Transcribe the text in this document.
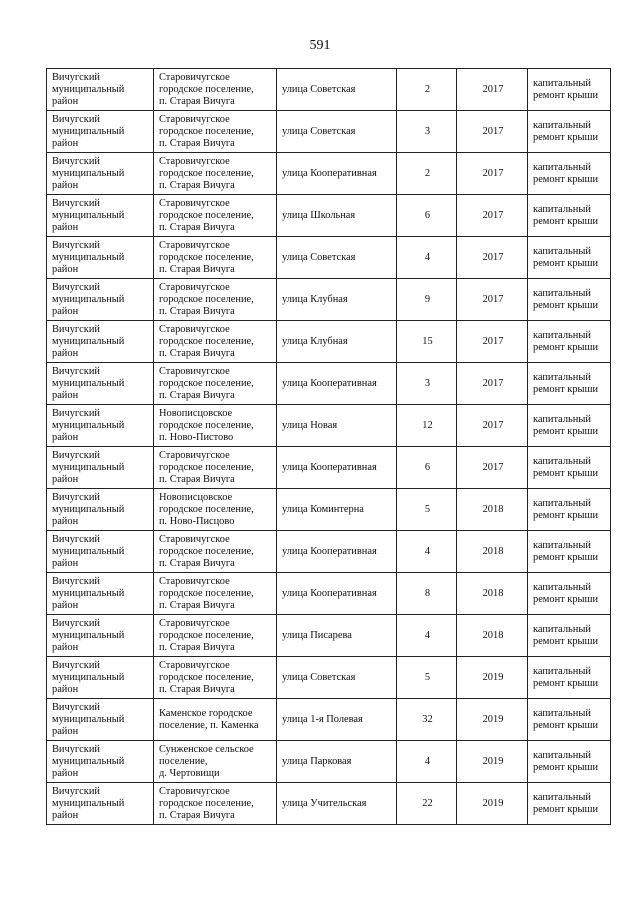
591
Вичугский
муниципальный
район	Старовичугское
городское поселение,
п. Старая Вичуга	улица Советская	2	2017	капитальный
ремонт крыши

Вичугский
муниципальный
район	Старовичугское
городское поселение,
п. Старая Вичуга	улица Советская	3	2017	капитальный
ремонт крыши

Вичугский
муниципальный
район	Старовичугское
городское поселение,
п. Старая Вичуга	улица Кооперативная	2	2017	капитальный
ремонт крыши

Вичугский
муниципальный
район	Старовичугское
городское поселение,
п. Старая Вичуга	улица Школьная	6	2017	капитальный
ремонт крыши

Вичугский
муниципальный
район	Старовичугское
городское поселение,
п. Старая Вичуга	улица Советская	4	2017	капитальный
ремонт крыши

Вичугский
муниципальный
район	Старовичугское
городское поселение,
п. Старая Вичуга	улица Клубная	9	2017	капитальный
ремонт крыши

Вичугский
муниципальный
район	Старовичугское
городское поселение,
п. Старая Вичуга	улица Клубная	15	2017	капитальный
ремонт крыши

Вичугский
муниципальный
район	Старовичугское
городское поселение,
п. Старая Вичуга	улица Кооперативная	3	2017	капитальный
ремонт крыши

Вичугский
муниципальный
район	Новописцовское
городское поселение,
п. Ново-Пистово	улица Новая	12	2017	капитальный
ремонт крыши

Вичугский
муниципальный
район	Старовичугское
городское поселение,
п. Старая Вичуга	улица Кооперативная	6	2017	капитальный
ремонт крыши

Вичугский
муниципальный
район	Новописцовское
городское поселение,
п. Ново-Писцово	улица Коминтерна	5	2018	капитальный
ремонт крыши

Вичугский
муниципальный
район	Старовичугское
городское поселение,
п. Старая Вичуга	улица Кооперативная	4	2018	капитальный
ремонт крыши

Вичугский
муниципальный
район	Старовичугское
городское поселение,
п. Старая Вичуга	улица Кооперативная	8	2018	капитальный
ремонт крыши

Вичугский
муниципальный
район	Старовичугское
городское поселение,
п. Старая Вичуга	улица Писарева	4	2018	капитальный
ремонт крыши

Вичугский
муниципальный
район	Старовичугское
городское поселение,
п. Старая Вичуга	улица Советская	5	2019	капитальный
ремонт крыши

Вичугский
муниципальный
район	Каменское городское
поселение, п. Каменка	улица 1-я Полевая	32	2019	капитальный
ремонт крыши

Вичугский
муниципальный
район	Сунженское сельское
поселение,
д. Чертовищи	улица Парковая	4	2019	капитальный
ремонт крыши

Вичугский
муниципальный
район	Старовичугское
городское поселение,
п. Старая Вичуга	улица Учительская	22	2019	капитальный
ремонт крыши
